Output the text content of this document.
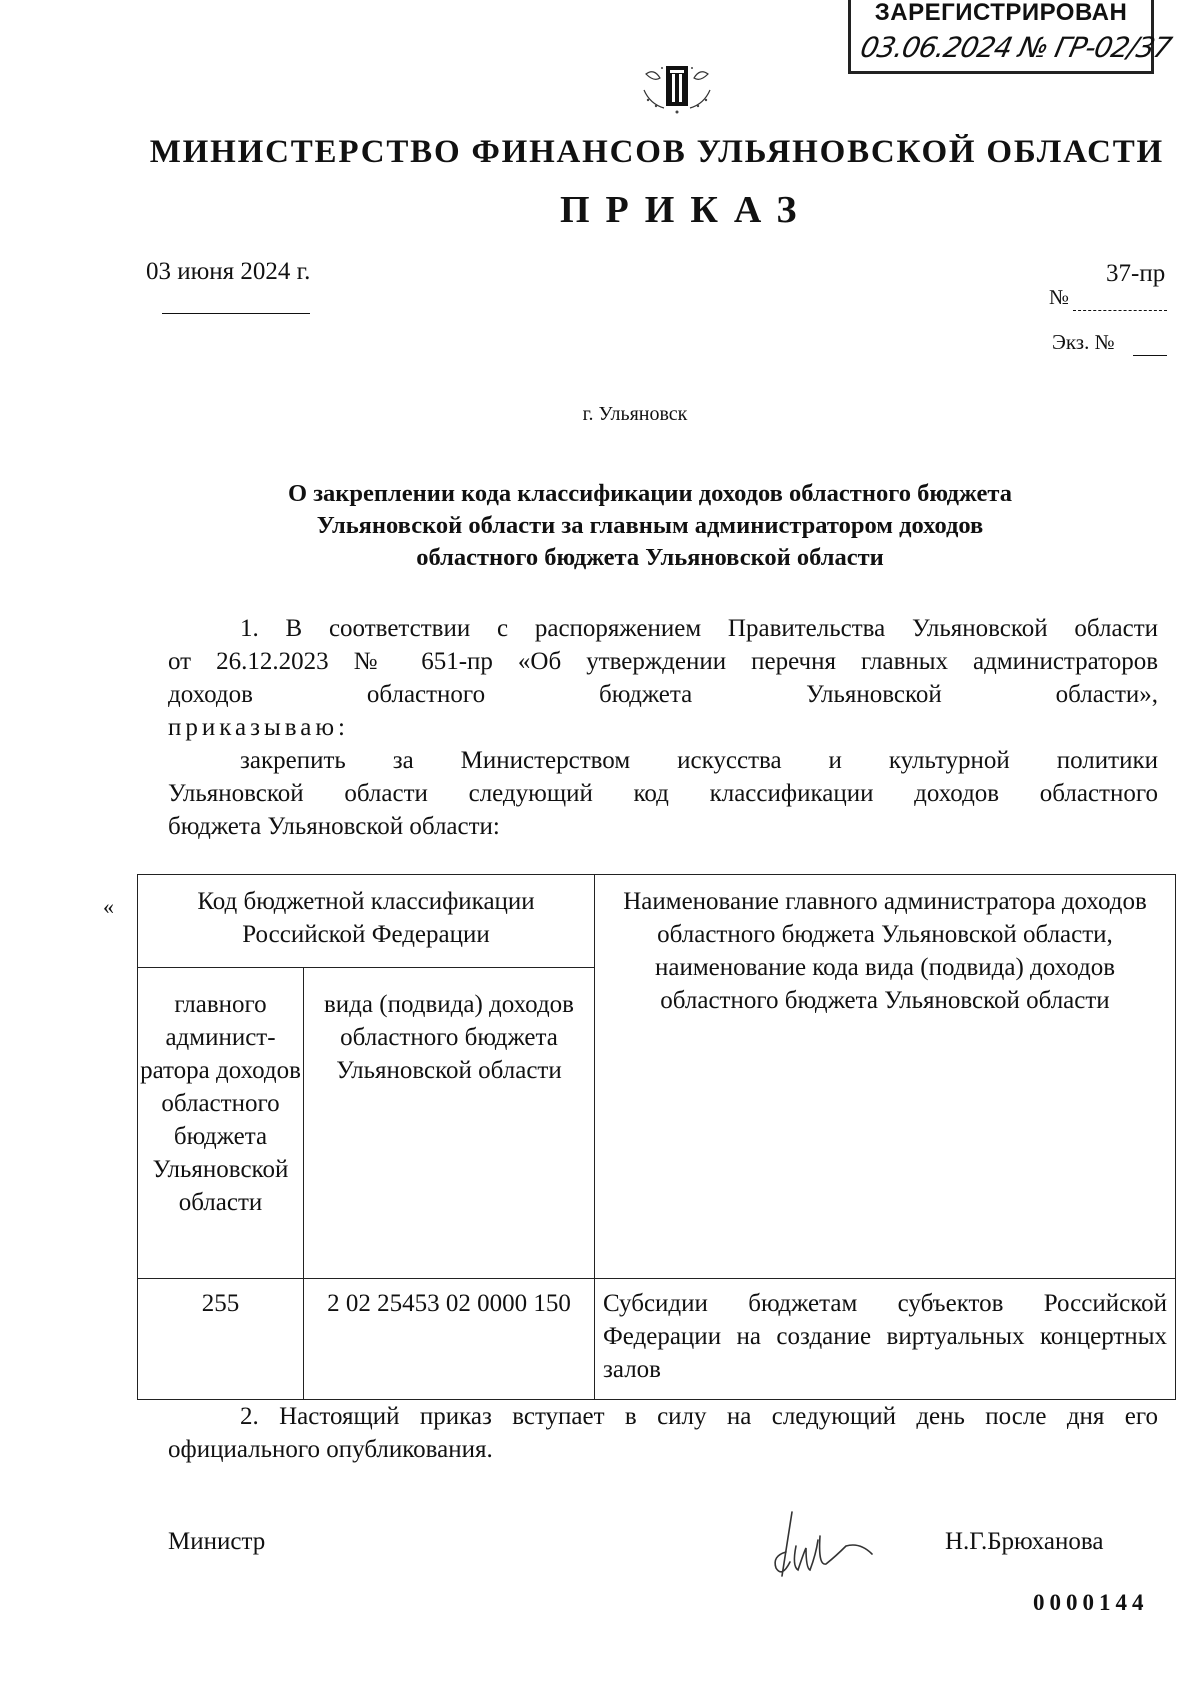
ЗАРЕГИСТРИРОВАН
03.06.2024 № ГР-02/37
МИНИСТЕРСТВО ФИНАНСОВ УЛЬЯНОВСКОЙ ОБЛАСТИ
ПРИКАЗ
03 июня 2024 г.	37-пр
№
Экз. №
г. Ульяновск
О закреплении кода классификации доходов областного бюджета
Ульяновской области за главным администратором доходов
областного бюджета Ульяновской области
1. В соответствии с распоряжением Правительства Ульяновской области
от 26.12.2023 № 651-пр «Об утверждении перечня главных администраторов
доходов областного бюджета Ульяновской области»,
приказываю:
закрепить за Министерством искусства и культурной политики
Ульяновской области следующий код классификации доходов областного
бюджета Ульяновской области:
«	Код бюджетной классификации Российской Федерации		Наименование главного администратора доходов областного бюджета Ульяновской области, наименование кода вида (подвида) доходов областного бюджета Ульяновской области
главного админист-ратора доходов областного бюджета Ульяновской области	вида (подвида) доходов областного бюджета Ульяновской области	
255	2 02 25453 02 0000 150	Субсидии бюджетам субъектов Российской Федерации на создание виртуальных концертных залов
2. Настоящий приказ вступает в силу на следующий день после дня его официального опубликования.
Министр	Н.Г.Брюханова
0000144
